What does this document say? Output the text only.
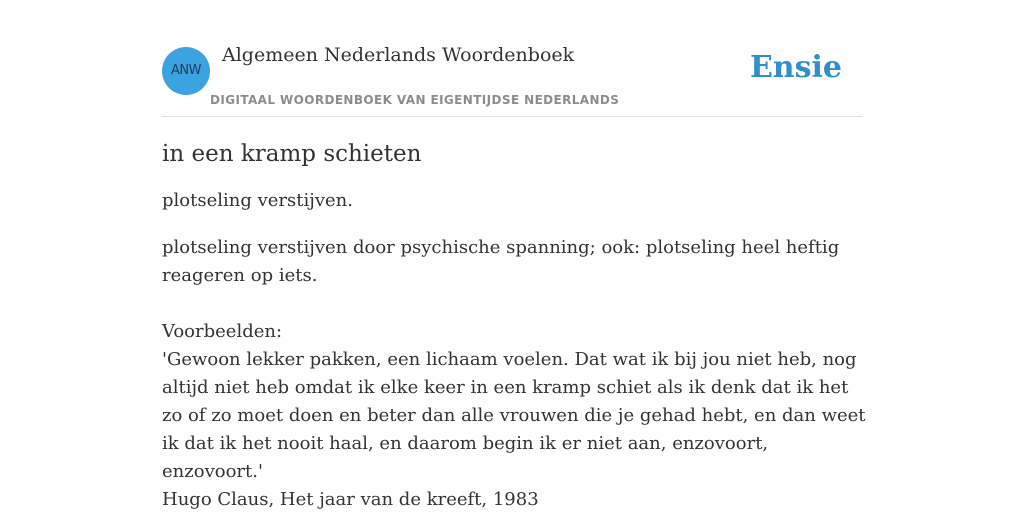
ANW
Algemeen Nederlands Woordenboek
DIGITAAL WOORDENBOEK VAN EIGENTIJDSE NEDERLANDS
Ensie
in een kramp schieten

plotseling verstijven.

plotseling verstijven door psychische spanning; ook: plotseling heel heftig reageren op iets.

Voorbeelden:
'Gewoon lekker pakken, een lichaam voelen. Dat wat ik bij jou niet heb, nog altijd niet heb omdat ik elke keer in een kramp schiet als ik denk dat ik het zo of zo moet doen en beter dan alle vrouwen die je gehad hebt, en dan weet ik dat ik het nooit haal, en daarom begin ik er niet aan, enzovoort, enzovoort.'
Hugo Claus, Het jaar van de kreeft, 1983
